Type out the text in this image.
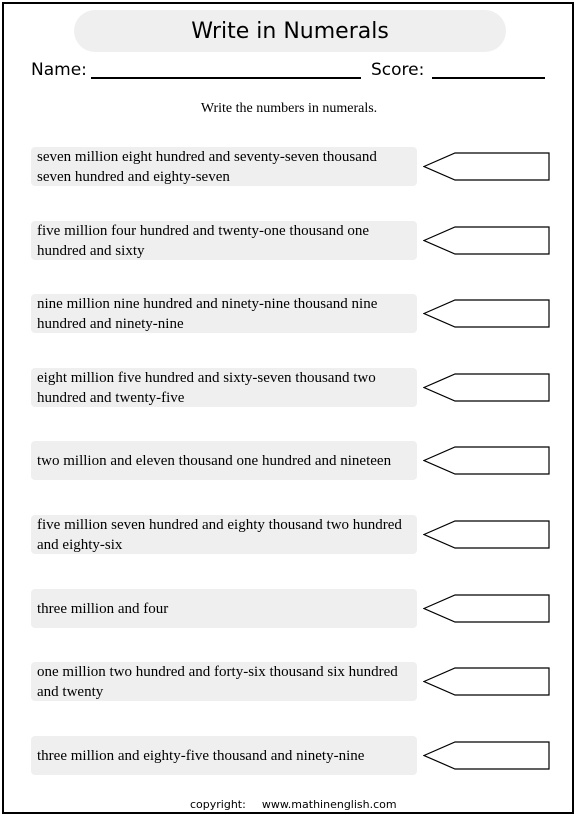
Write in Numerals
Name:	Score:
Write the numbers in numerals.
seven million eight hundred and seventy-seven thousand seven hundred and eighty-seven
five million four hundred and twenty-one thousand one hundred and sixty
nine million nine hundred and ninety-nine thousand nine hundred and ninety-nine
eight million five hundred and sixty-seven thousand two hundred and twenty-five
two million and eleven thousand one hundred and nineteen
five million seven hundred and eighty thousand two hundred and eighty-six
three million and four
one million two hundred and forty-six thousand six hundred and twenty
three million and eighty-five thousand and ninety-nine
copyright: www.mathinenglish.com
